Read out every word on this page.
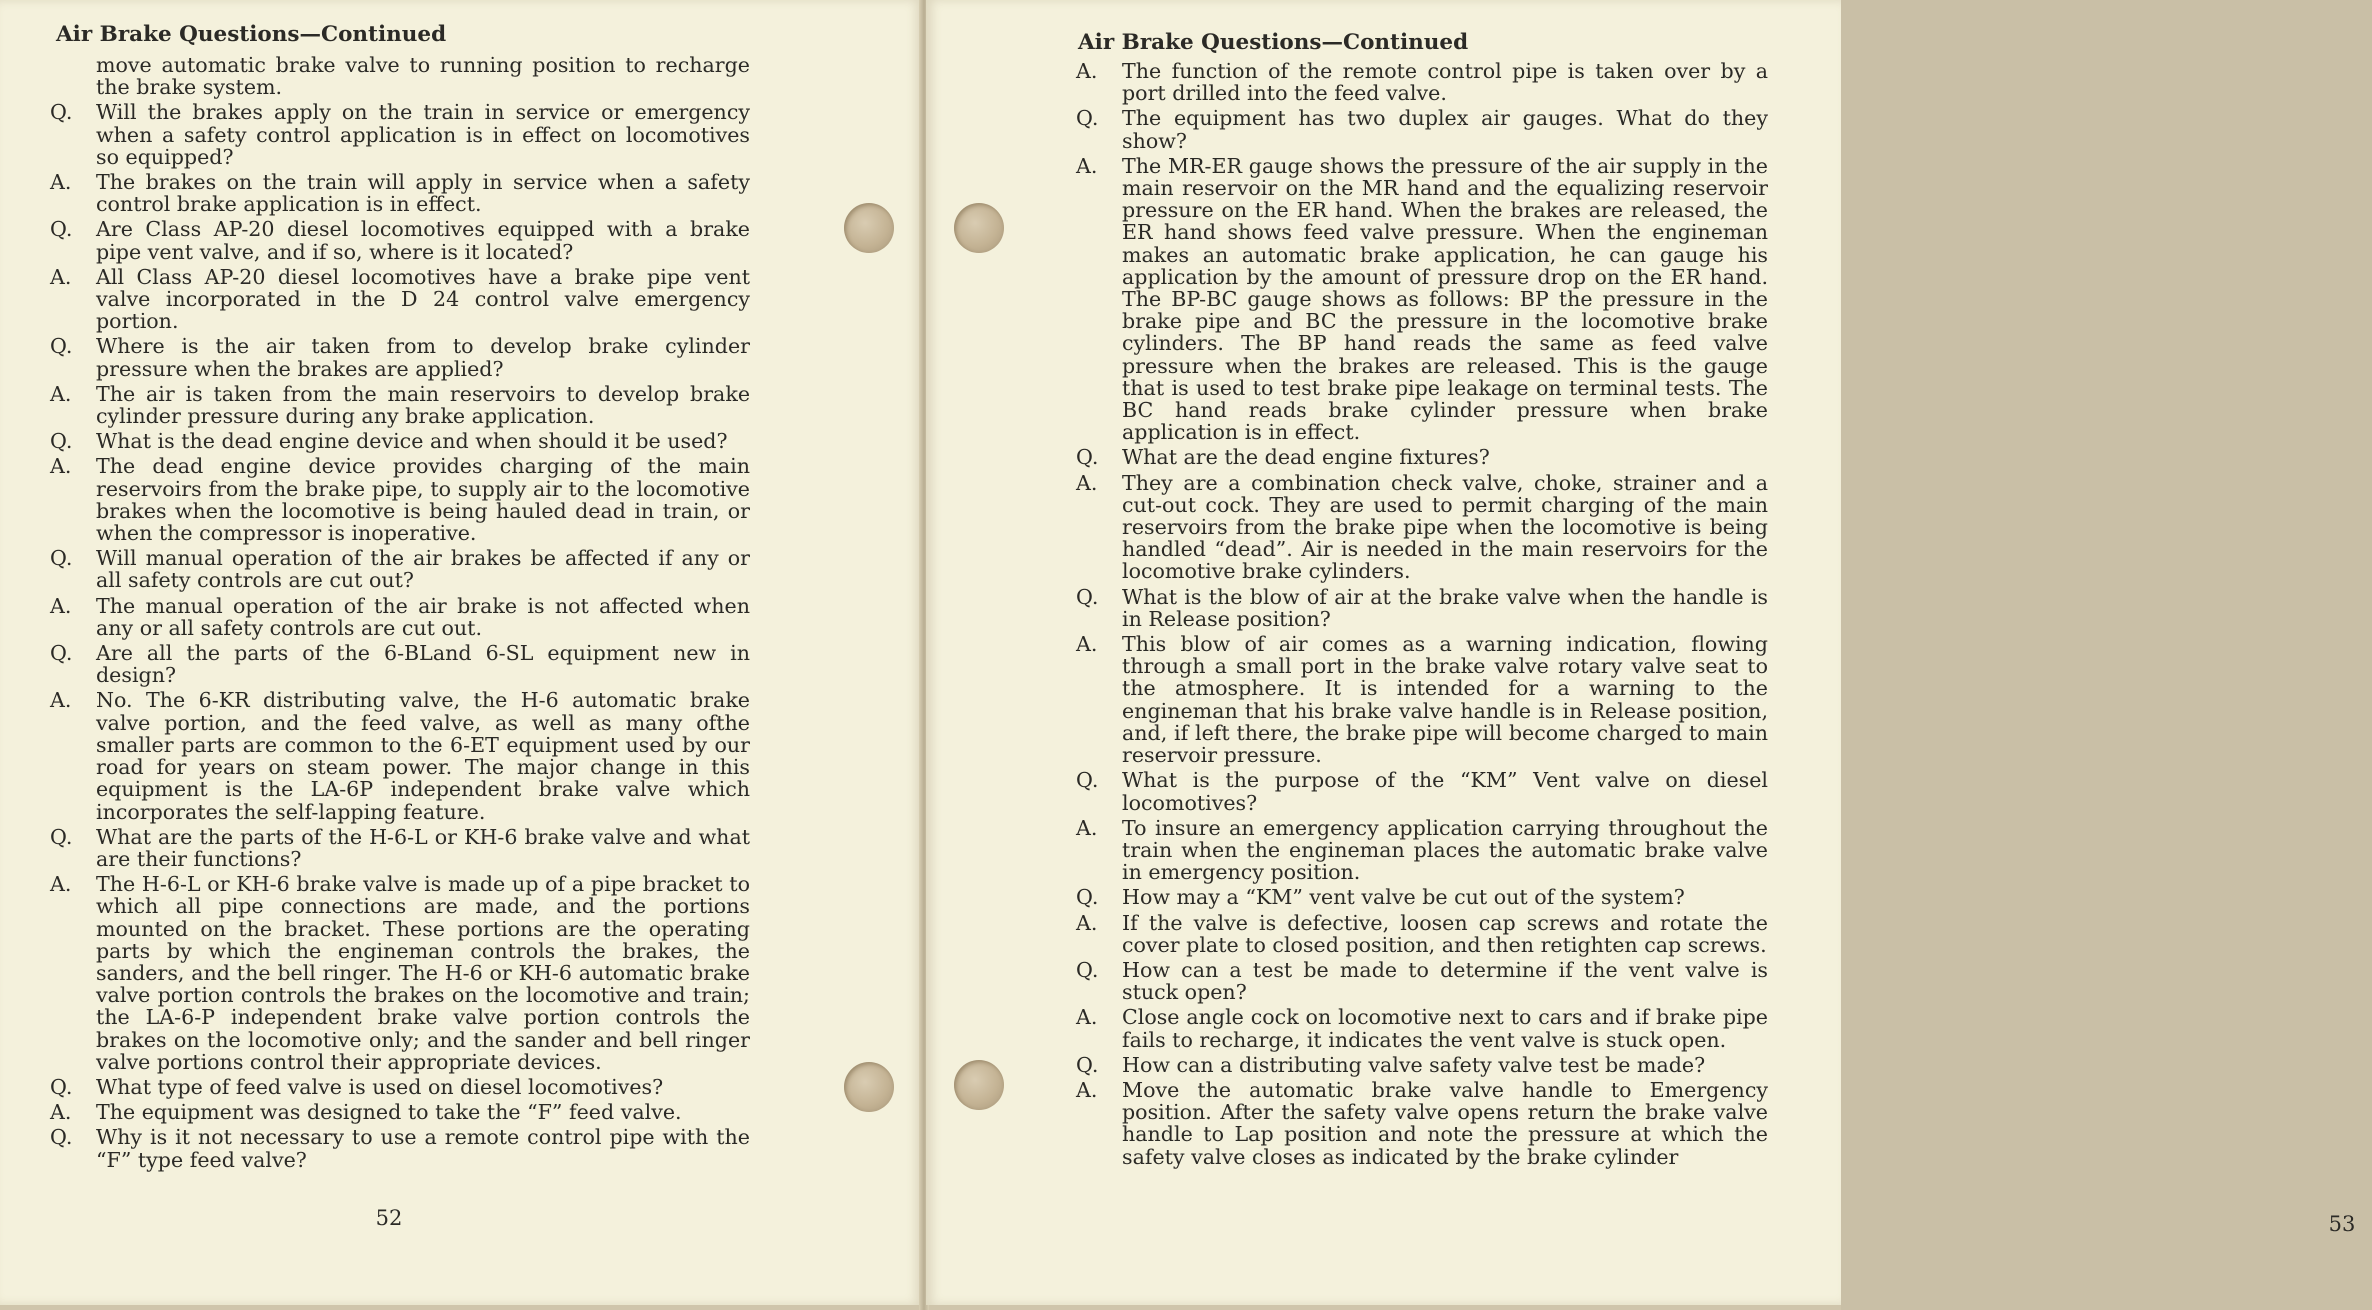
Air Brake Questions—Continued
move automatic brake valve to running position to recharge the brake system.
Q.	Will the brakes apply on the train in service or emergency when a safety control application is in effect on locomotives so equipped?
A.	The brakes on the train will apply in service when a safety control brake application is in effect.
Q.	Are Class AP-20 diesel locomotives equipped with a brake pipe vent valve, and if so, where is it located?
A.	All Class AP-20 diesel locomotives have a brake pipe vent valve incorporated in the D 24 control valve emergency portion.
Q.	Where is the air taken from to develop brake cylinder pressure when the brakes are applied?
A.	The air is taken from the main reservoirs to develop brake cylinder pressure during any brake application.
Q.	What is the dead engine device and when should it be used?
A.	The dead engine device provides charging of the main reservoirs from the brake pipe, to supply air to the locomotive brakes when the locomotive is being hauled dead in train, or when the compressor is inoperative.
Q.	Will manual operation of the air brakes be affected if any or all safety controls are cut out?
A.	The manual operation of the air brake is not affected when any or all safety controls are cut out.
Q.	Are all the parts of the 6-BLand 6-SL equipment new in design?
A.	No. The 6-KR distributing valve, the H-6 automatic brake valve portion, and the feed valve, as well as many ofthe smaller parts are common to the 6-ET equipment used by our road for years on steam power. The major change in this equipment is the LA-6P independent brake valve which incorporates the self-lapping feature.
Q.	What are the parts of the H-6-L or KH-6 brake valve and what are their functions?
A.	The H-6-L or KH-6 brake valve is made up of a pipe bracket to which all pipe connections are made, and the portions mounted on the bracket. These portions are the operating parts by which the engineman controls the brakes, the sanders, and the bell ringer. The H-6 or KH-6 automatic brake valve portion controls the brakes on the locomotive and train; the LA-6-P independent brake valve portion controls the brakes on the locomotive only; and the sander and bell ringer valve portions control their appropriate devices.
Q.	What type of feed valve is used on diesel locomotives?
A.	The equipment was designed to take the “F” feed valve.
Q.	Why is it not necessary to use a remote control pipe with the “F” type feed valve?
52
Air Brake Questions—Continued
A.	The function of the remote control pipe is taken over by a port drilled into the feed valve.
Q.	The equipment has two duplex air gauges. What do they show?
A.	The MR-ER gauge shows the pressure of the air supply in the main reservoir on the MR hand and the equalizing reservoir pressure on the ER hand. When the brakes are released, the ER hand shows feed valve pressure. When the engineman makes an automatic brake application, he can gauge his application by the amount of pressure drop on the ER hand. The BP-BC gauge shows as follows: BP the pressure in the brake pipe and BC the pressure in the locomotive brake cylinders. The BP hand reads the same as feed valve pressure when the brakes are released. This is the gauge that is used to test brake pipe leakage on terminal tests. The BC hand reads brake cylinder pressure when brake application is in effect.
Q.	What are the dead engine fixtures?
A.	They are a combination check valve, choke, strainer and a cut-out cock. They are used to permit charging of the main reservoirs from the brake pipe when the locomotive is being handled “dead”. Air is needed in the main reservoirs for the locomotive brake cylinders.
Q.	What is the blow of air at the brake valve when the handle is in Release position?
A.	This blow of air comes as a warning indication, flowing through a small port in the brake valve rotary valve seat to the atmosphere. It is intended for a warning to the engineman that his brake valve handle is in Release position, and, if left there, the brake pipe will become charged to main reservoir pressure.
Q.	What is the purpose of the “KM” Vent valve on diesel locomotives?
A.	To insure an emergency application carrying throughout the train when the engineman places the automatic brake valve in emergency position.
Q.	How may a “KM” vent valve be cut out of the system?
A.	If the valve is defective, loosen cap screws and rotate the cover plate to closed position, and then retighten cap screws.
Q.	How can a test be made to determine if the vent valve is stuck open?
A.	Close angle cock on locomotive next to cars and if brake pipe fails to recharge, it indicates the vent valve is stuck open.
Q.	How can a distributing valve safety valve test be made?
A.	Move the automatic brake valve handle to Emergency position. After the safety valve opens return the brake valve handle to Lap position and note the pressure at which the safety valve closes as indicated by the brake cylinder
53
